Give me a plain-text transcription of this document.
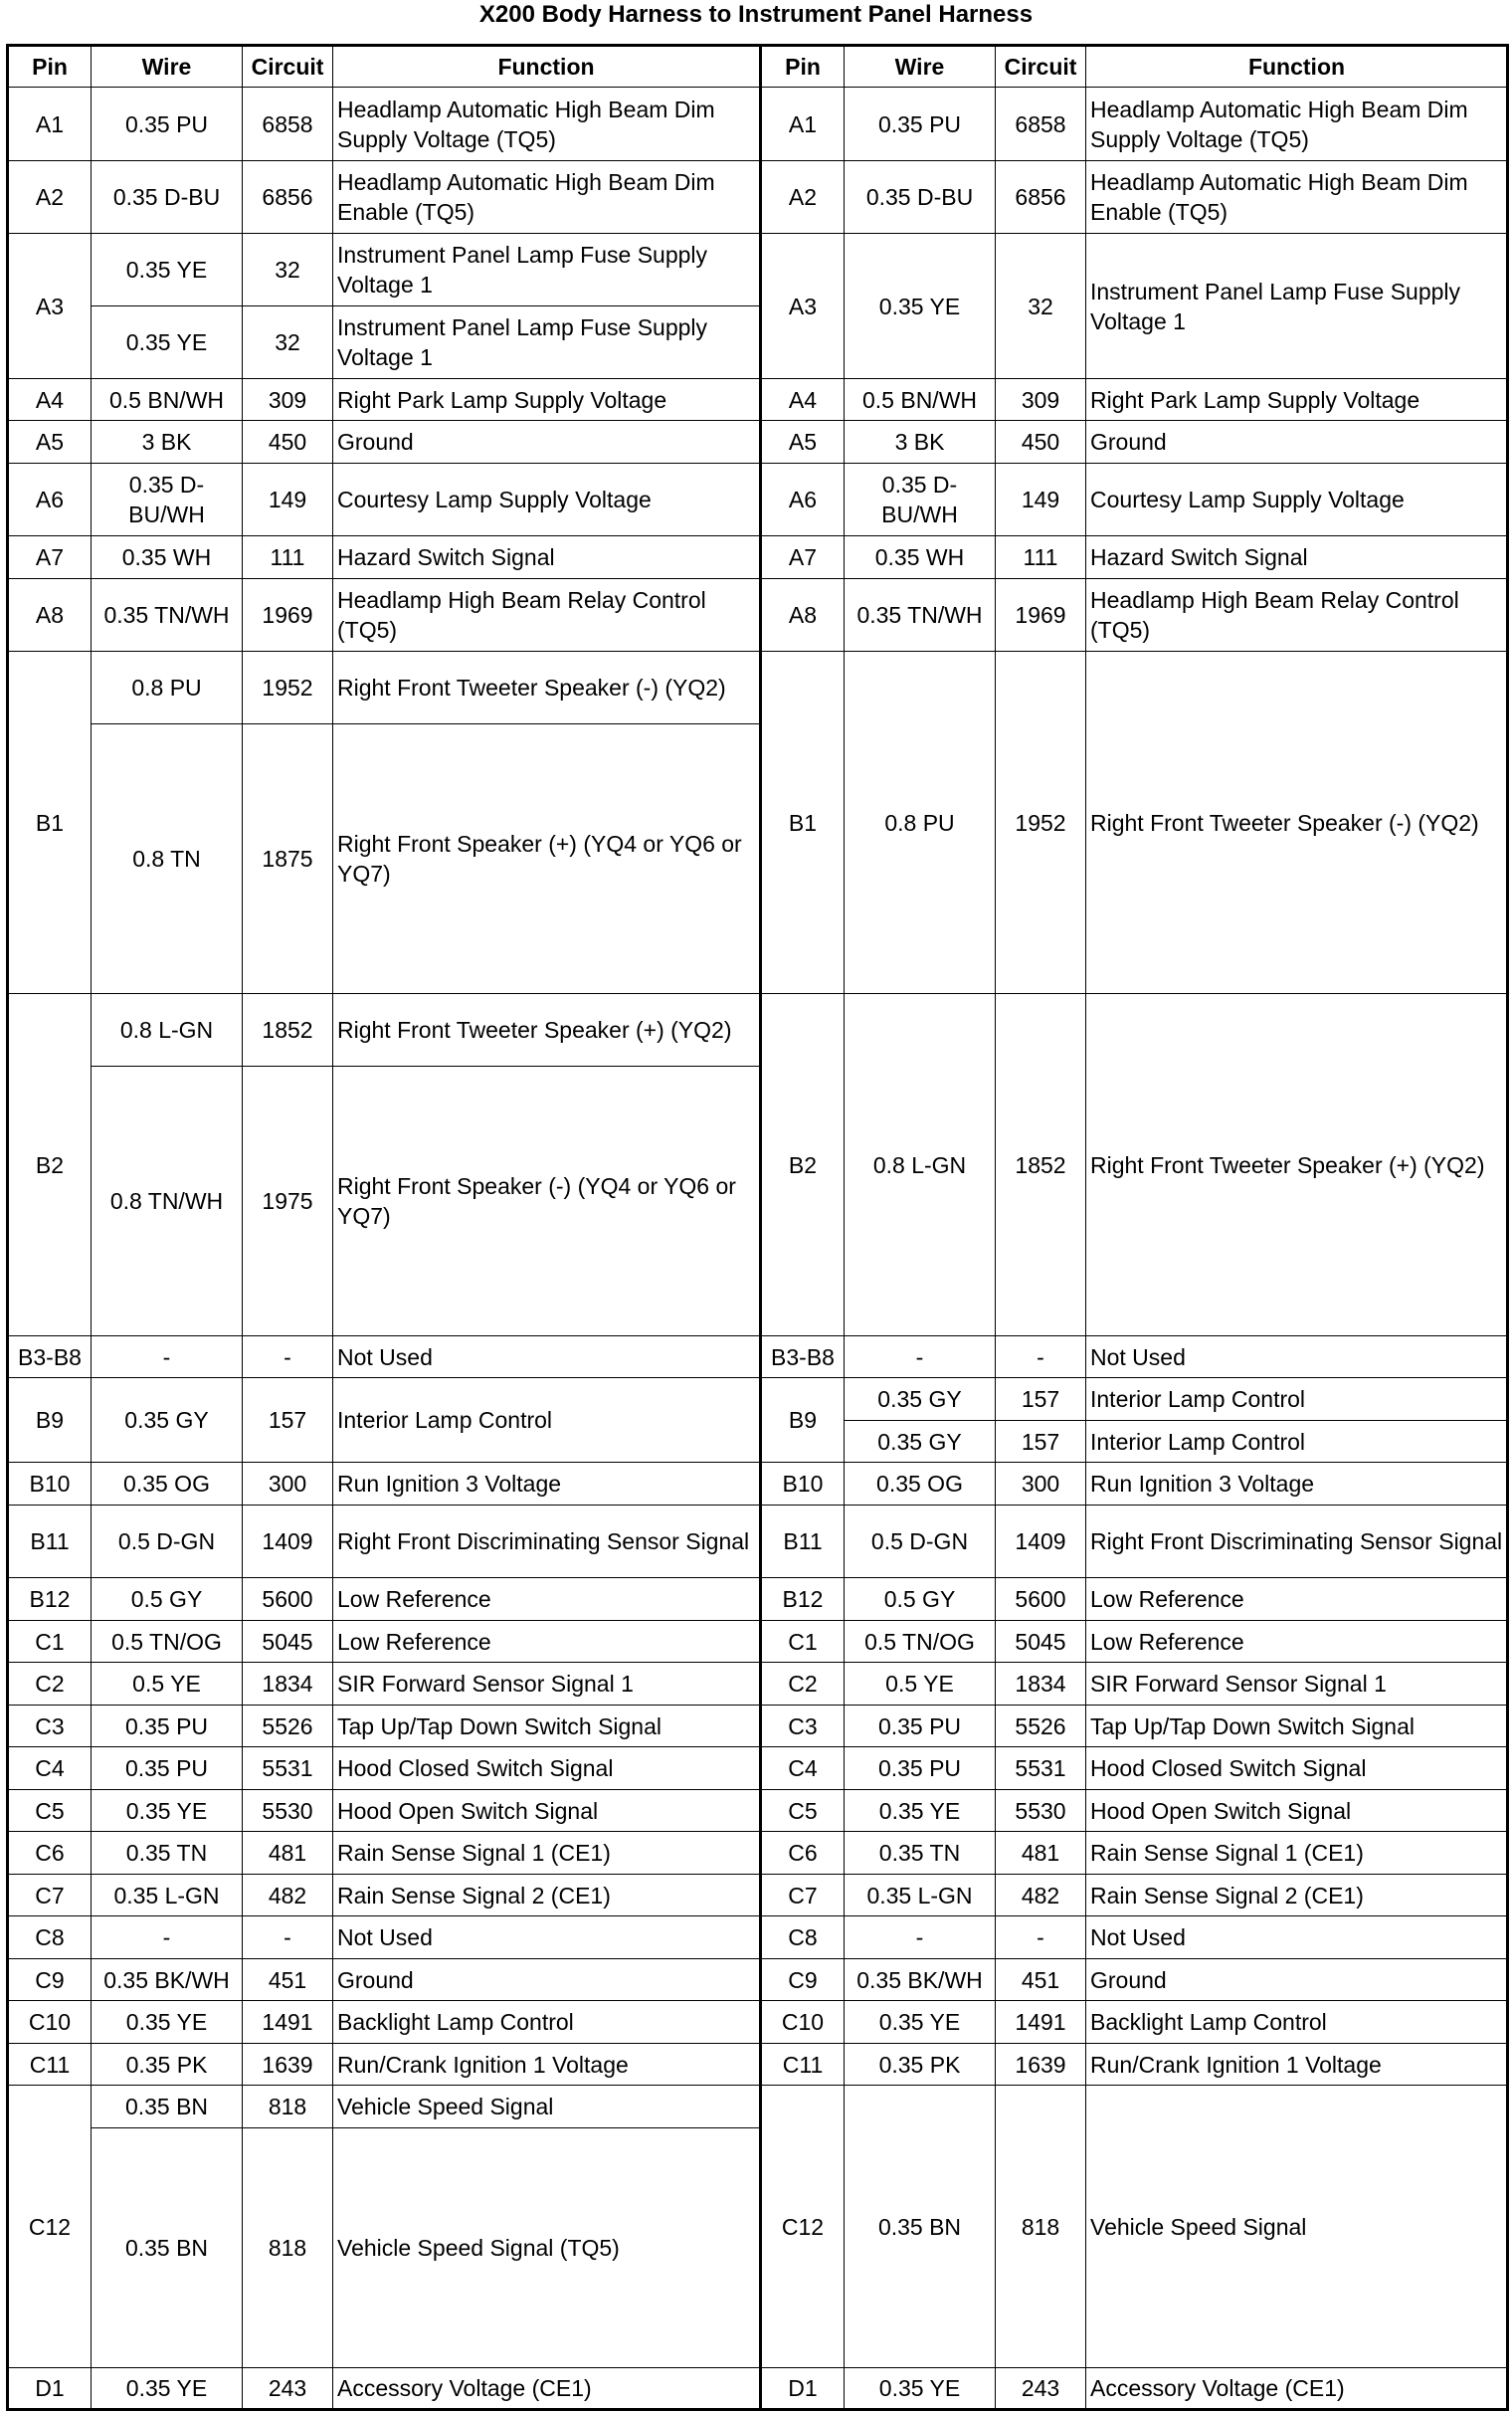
X200 Body Harness to Instrument Panel Harness
Pin	Wire	Circuit	Function	Pin	Wire	Circuit	Function	
A1	0.35 PU	6858	Headlamp Automatic High Beam Dim Supply Voltage (TQ5)	A1	0.35 PU	6858	Headlamp Automatic High Beam Dim Supply Voltage (TQ5)	
A2	0.35 D-BU	6856	Headlamp Automatic High Beam Dim Enable (TQ5)	A2	0.35 D-BU	6856	Headlamp Automatic High Beam Dim Enable (TQ5)	
A3	0.35 YE	32	Instrument Panel Lamp Fuse Supply Voltage 1	A3	0.35 YE	32	Instrument Panel Lamp Fuse Supply Voltage 1	
	0.35 YE	32	Instrument Panel Lamp Fuse Supply Voltage 1					
A4	0.5 BN/WH	309	Right Park Lamp Supply Voltage	A4	0.5 BN/WH	309	Right Park Lamp Supply Voltage	
A5	3 BK	450	Ground	A5	3 BK	450	Ground	
A6	0.35 D-BU/WH	149	Courtesy Lamp Supply Voltage	A6	0.35 D-BU/WH	149	Courtesy Lamp Supply Voltage	
A7	0.35 WH	111	Hazard Switch Signal	A7	0.35 WH	111	Hazard Switch Signal	
A8	0.35 TN/WH	1969	Headlamp High Beam Relay Control (TQ5)	A8	0.35 TN/WH	1969	Headlamp High Beam Relay Control (TQ5)	
B1	0.8 PU	1952	Right Front Tweeter Speaker (-) (YQ2)	B1	0.8 PU	1952	Right Front Tweeter Speaker (-) (YQ2)	
	0.8 TN	1875	Right Front Speaker (+) (YQ4 or YQ6 or YQ7)			
B2	0.8 L-GN	1852	Right Front Tweeter Speaker (+) (YQ2)	B2	0.8 L-GN	1852	Right Front Tweeter Speaker (+) (YQ2)	
	0.8 TN/WH	1975	Right Front Speaker (-) (YQ4 or YQ6 or YQ7)			
B3-B8	-	-	Not Used	B3-B8	-	-	Not Used	
B9	0.35 GY	157	Interior Lamp Control	B9	0.35 GY	157	Interior Lamp Control	
					0.35 GY	157	Interior Lamp Control	
B10	0.35 OG	300	Run Ignition 3 Voltage	B10	0.35 OG	300	Run Ignition 3 Voltage	
B11	0.5 D-GN	1409	Right Front Discriminating Sensor Signal	B11	0.5 D-GN	1409	Right Front Discriminating Sensor Signal	
B12	0.5 GY	5600	Low Reference	B12	0.5 GY	5600	Low Reference	
C1	0.5 TN/OG	5045	Low Reference	C1	0.5 TN/OG	5045	Low Reference	
C2	0.5 YE	1834	SIR Forward Sensor Signal 1	C2	0.5 YE	1834	SIR Forward Sensor Signal 1	
C3	0.35 PU	5526	Tap Up/Tap Down Switch Signal	C3	0.35 PU	5526	Tap Up/Tap Down Switch Signal	
C4	0.35 PU	5531	Hood Closed Switch Signal	C4	0.35 PU	5531	Hood Closed Switch Signal	
C5	0.35 YE	5530	Hood Open Switch Signal	C5	0.35 YE	5530	Hood Open Switch Signal	
C6	0.35 TN	481	Rain Sense Signal 1 (CE1)	C6	0.35 TN	481	Rain Sense Signal 1 (CE1)	
C7	0.35 L-GN	482	Rain Sense Signal 2 (CE1)	C7	0.35 L-GN	482	Rain Sense Signal 2 (CE1)	
C8	-	-	Not Used	C8	-	-	Not Used	
C9	0.35 BK/WH	451	Ground	C9	0.35 BK/WH	451	Ground	
C10	0.35 YE	1491	Backlight Lamp Control	C10	0.35 YE	1491	Backlight Lamp Control	
C11	0.35 PK	1639	Run/Crank Ignition 1 Voltage	C11	0.35 PK	1639	Run/Crank Ignition 1 Voltage	
C12	0.35 BN	818	Vehicle Speed Signal	C12	0.35 BN	818	Vehicle Speed Signal	
	0.35 BN	818	Vehicle Speed Signal (TQ5)			
D1	0.35 YE	243	Accessory Voltage (CE1)	D1	0.35 YE	243	Accessory Voltage (CE1)	
